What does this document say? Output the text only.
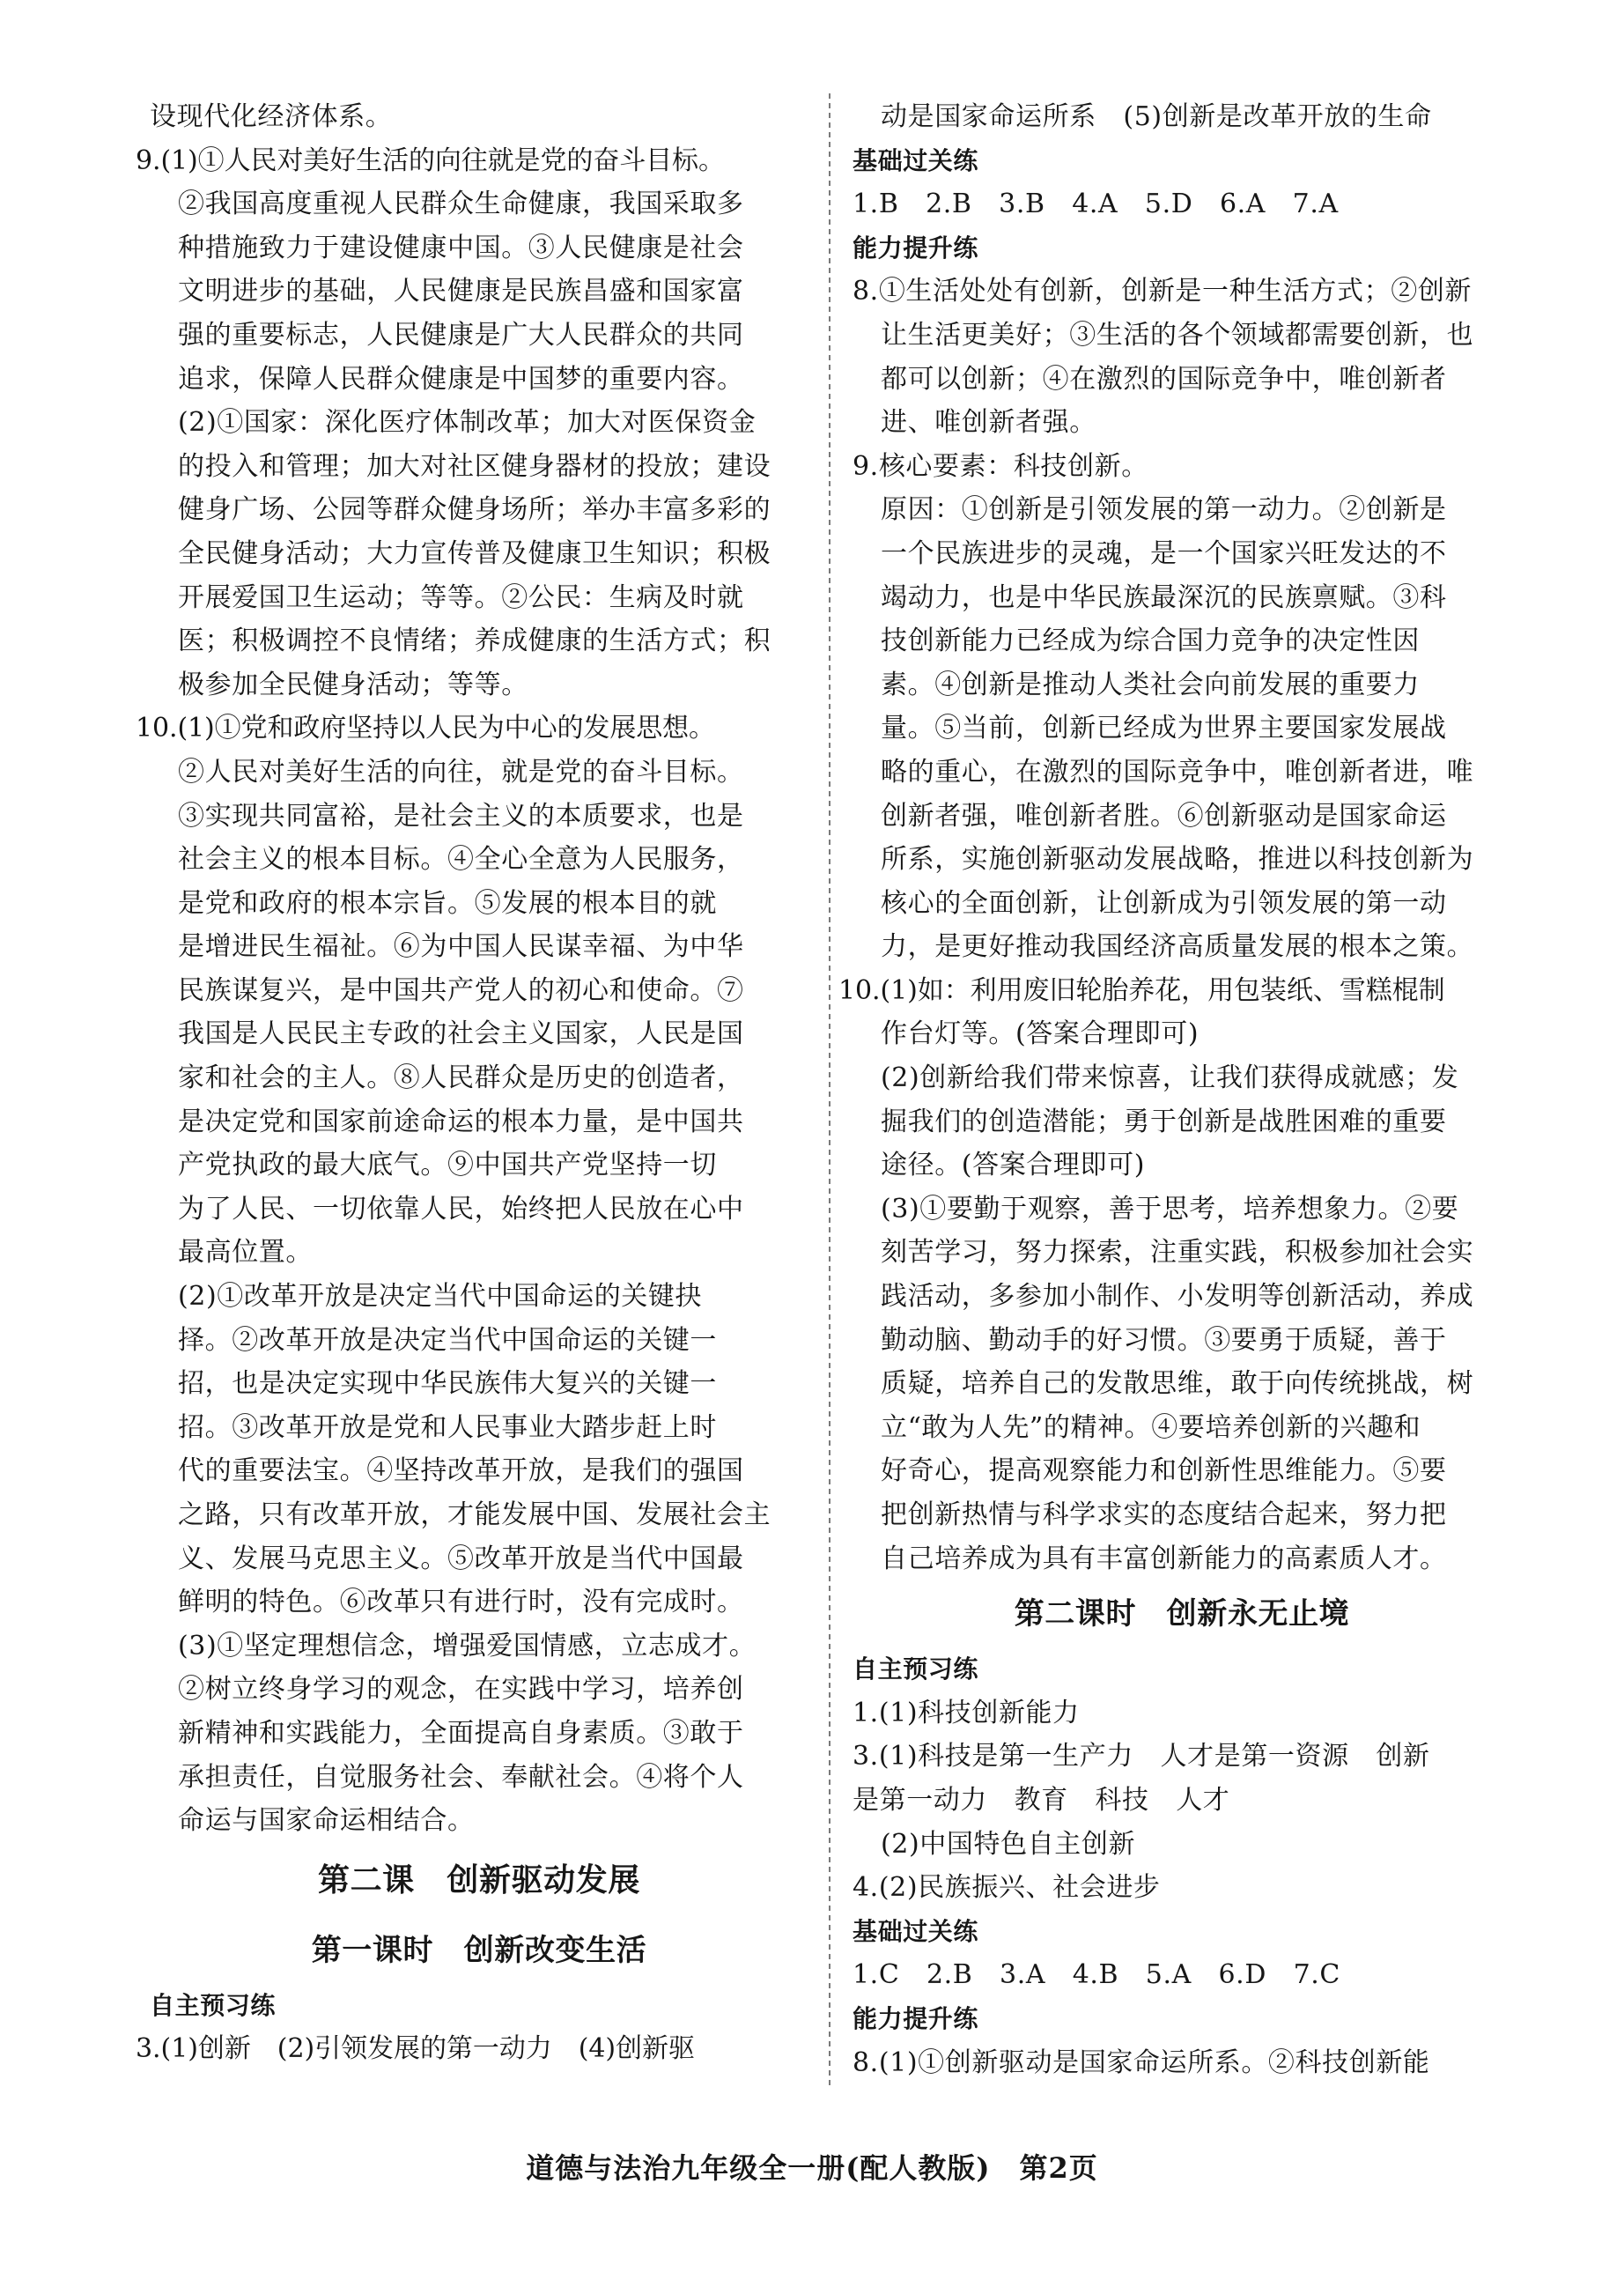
设现代化经济体系。

9.(1)①人民对美好生活的向往就是党的奋斗目标。

②我国高度重视人民群众生命健康，我国采取多

种措施致力于建设健康中国。③人民健康是社会

文明进步的基础，人民健康是民族昌盛和国家富

强的重要标志，人民健康是广大人民群众的共同

追求，保障人民群众健康是中国梦的重要内容。

(2)①国家：深化医疗体制改革；加大对医保资金

的投入和管理；加大对社区健身器材的投放；建设

健身广场、公园等群众健身场所；举办丰富多彩的

全民健身活动；大力宣传普及健康卫生知识；积极

开展爱国卫生运动；等等。②公民：生病及时就

医；积极调控不良情绪；养成健康的生活方式；积

极参加全民健身活动；等等。

10.(1)①党和政府坚持以人民为中心的发展思想。

②人民对美好生活的向往，就是党的奋斗目标。

③实现共同富裕，是社会主义的本质要求，也是

社会主义的根本目标。④全心全意为人民服务，

是党和政府的根本宗旨。⑤发展的根本目的就

是增进民生福祉。⑥为中国人民谋幸福、为中华

民族谋复兴，是中国共产党人的初心和使命。⑦

我国是人民民主专政的社会主义国家，人民是国

家和社会的主人。⑧人民群众是历史的创造者，

是决定党和国家前途命运的根本力量，是中国共

产党执政的最大底气。⑨中国共产党坚持一切

为了人民、一切依靠人民，始终把人民放在心中

最高位置。

(2)①改革开放是决定当代中国命运的关键抉

择。②改革开放是决定当代中国命运的关键一

招，也是决定实现中华民族伟大复兴的关键一

招。③改革开放是党和人民事业大踏步赶上时

代的重要法宝。④坚持改革开放，是我们的强国

之路，只有改革开放，才能发展中国、发展社会主

义、发展马克思主义。⑤改革开放是当代中国最

鲜明的特色。⑥改革只有进行时，没有完成时。

(3)①坚定理想信念，增强爱国情感，立志成才。

②树立终身学习的观念，在实践中学习，培养创

新精神和实践能力，全面提高自身素质。③敢于

承担责任，自觉服务社会、奉献社会。④将个人

命运与国家命运相结合。

第二课　创新驱动发展

第一课时　创新改变生活

自主预习练

3.(1)创新　(2)引领发展的第一动力　(4)创新驱

动是国家命运所系　(5)创新是改革开放的生命

基础过关练

1.B　2.B　3.B　4.A　5.D　6.A　7.A

能力提升练

8.①生活处处有创新，创新是一种生活方式；②创新

让生活更美好；③生活的各个领域都需要创新，也

都可以创新；④在激烈的国际竞争中，唯创新者

进、唯创新者强。

9.核心要素：科技创新。

原因：①创新是引领发展的第一动力。②创新是

一个民族进步的灵魂，是一个国家兴旺发达的不

竭动力，也是中华民族最深沉的民族禀赋。③科

技创新能力已经成为综合国力竞争的决定性因

素。④创新是推动人类社会向前发展的重要力

量。⑤当前，创新已经成为世界主要国家发展战

略的重心，在激烈的国际竞争中，唯创新者进，唯

创新者强，唯创新者胜。⑥创新驱动是国家命运

所系，实施创新驱动发展战略，推进以科技创新为

核心的全面创新，让创新成为引领发展的第一动

力，是更好推动我国经济高质量发展的根本之策。

10.(1)如：利用废旧轮胎养花，用包装纸、雪糕棍制

作台灯等。(答案合理即可)

(2)创新给我们带来惊喜，让我们获得成就感；发

掘我们的创造潜能；勇于创新是战胜困难的重要

途径。(答案合理即可)

(3)①要勤于观察，善于思考，培养想象力。②要

刻苦学习，努力探索，注重实践，积极参加社会实

践活动，多参加小制作、小发明等创新活动，养成

勤动脑、勤动手的好习惯。③要勇于质疑，善于

质疑，培养自己的发散思维，敢于向传统挑战，树

立“敢为人先”的精神。④要培养创新的兴趣和

好奇心，提高观察能力和创新性思维能力。⑤要

把创新热情与科学求实的态度结合起来，努力把

自己培养成为具有丰富创新能力的高素质人才。

第二课时　创新永无止境

自主预习练

1.(1)科技创新能力

3.(1)科技是第一生产力　人才是第一资源　创新

是第一动力　教育　科技　人才

(2)中国特色自主创新

4.(2)民族振兴、社会进步

基础过关练

1.C　2.B　3.A　4.B　5.A　6.D　7.C

能力提升练

8.(1)①创新驱动是国家命运所系。②科技创新能

道德与法治九年级全一册(配人教版)　第2页
